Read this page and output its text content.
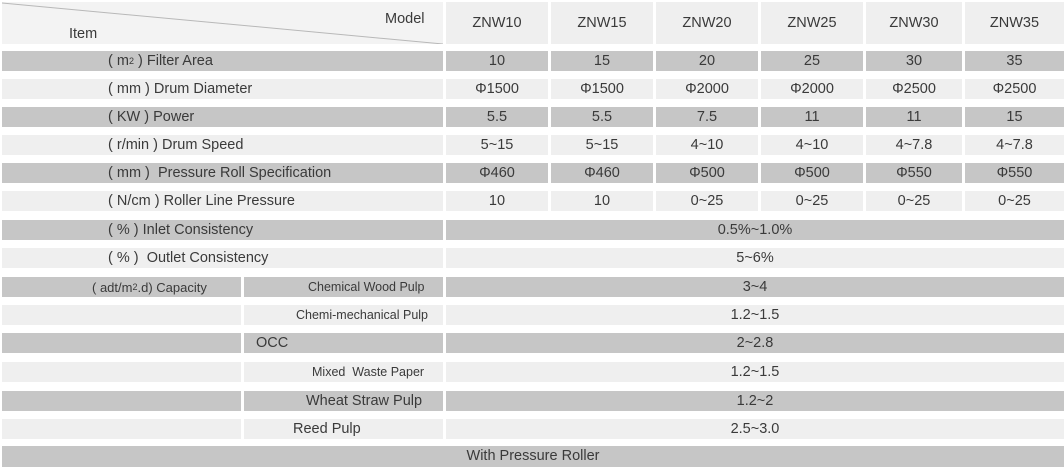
Model
Item
ZNW10	ZNW15	ZNW20	ZNW25	ZNW30	ZNW35
( m 2 ) Filter Area	10	15	20	25	30	35
( mm ) Drum Diameter	Φ1500	Φ1500	Φ2000	Φ2000	Φ2500	Φ2500
( KW ) Power	5.5	5.5	7.5	11	11	15
( r/min ) Drum Speed	5~15	5~15	4~10	4~10	4~7.8	4~7.8
( mm ) Pressure Roll Specification	Φ460	Φ460	Φ500	Φ500	Φ550	Φ550
( N/cm ) Roller Line Pressure	10	10	0~25	0~25	0~25	0~25
( % ) Inlet Consistency	0.5%~1.0%
( % ) Outlet Consistency	5~6%
( adt/m 2 .d ) Capacity	Chemical Wood Pulp	3~4
Chemi-mechanical Pulp	1.2~1.5
OCC	2~2.8
Mixed  Waste Paper	1.2~1.5
Wheat Straw Pulp	1.2~2
Reed Pulp	2.5~3.0
With Pressure Roller
